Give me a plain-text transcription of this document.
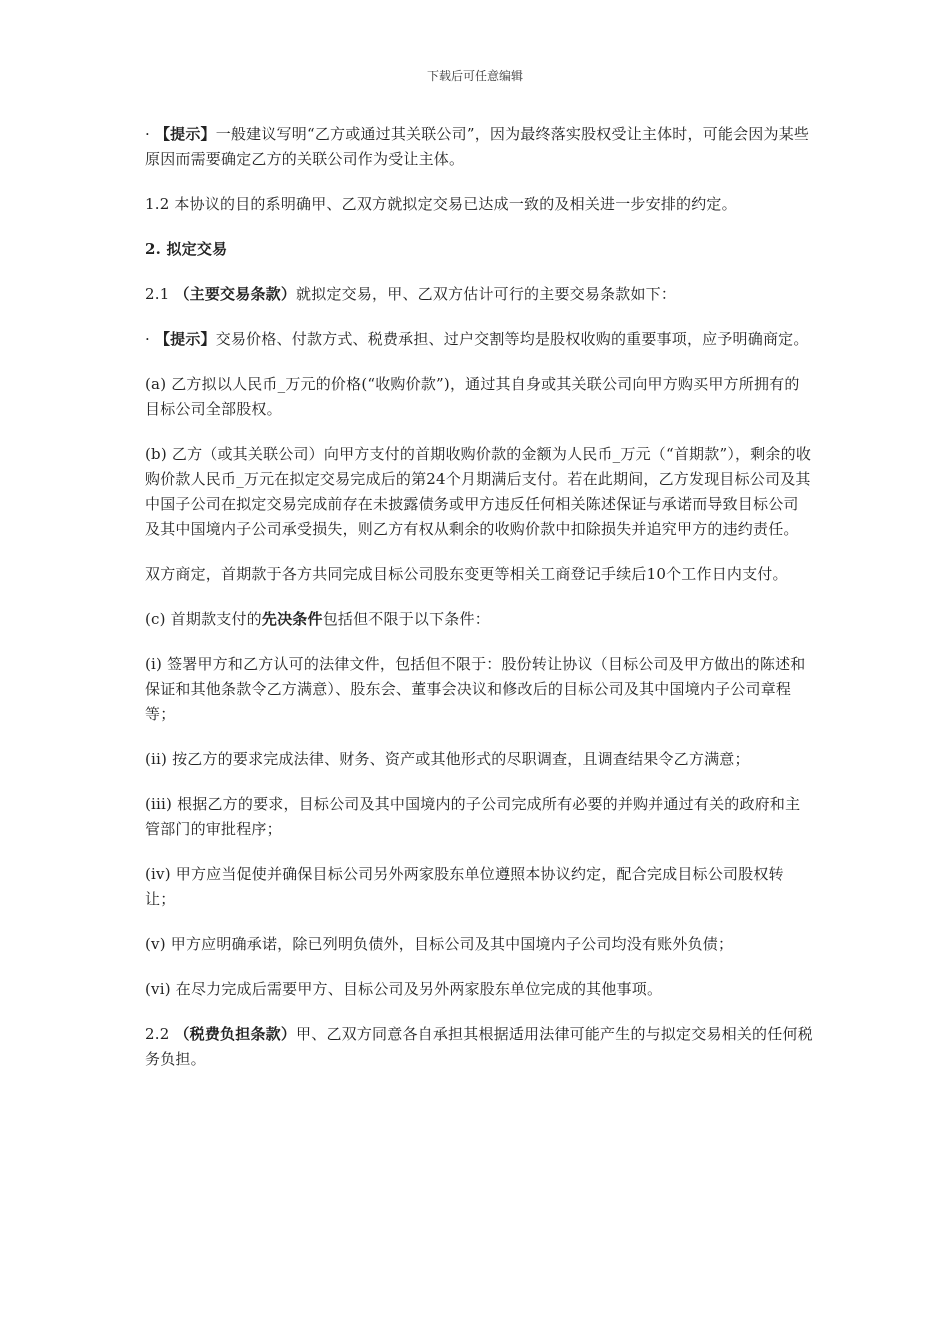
下载后可任意编辑

· 【提示】一般建议写明“乙方或通过其关联公司”，因为最终落实股权受让主体时，可能会因为某些原因而需要确定乙方的关联公司作为受让主体。

1.2 本协议的目的系明确甲、乙双方就拟定交易已达成一致的及相关进一步安排的约定。

2. 拟定交易

2.1 （主要交易条款）就拟定交易，甲、乙双方估计可行的主要交易条款如下：

· 【提示】交易价格、付款方式、税费承担、过户交割等均是股权收购的重要事项，应予明确商定。

(a) 乙方拟以人民币_万元的价格(“收购价款”)，通过其自身或其关联公司向甲方购买甲方所拥有的目标公司全部股权。

(b) 乙方（或其关联公司）向甲方支付的首期收购价款的金额为人民币_万元（“首期款”），剩余的收购价款人民币_万元在拟定交易完成后的第24个月期满后支付。若在此期间，乙方发现目标公司及其中国子公司在拟定交易完成前存在未披露债务或甲方违反任何相关陈述保证与承诺而导致目标公司及其中国境内子公司承受损失，则乙方有权从剩余的收购价款中扣除损失并追究甲方的违约责任。

双方商定，首期款于各方共同完成目标公司股东变更等相关工商登记手续后10个工作日内支付。

(c) 首期款支付的先决条件包括但不限于以下条件：

(i) 签署甲方和乙方认可的法律文件，包括但不限于：股份转让协议（目标公司及甲方做出的陈述和保证和其他条款令乙方满意）、股东会、董事会决议和修改后的目标公司及其中国境内子公司章程等；

(ii) 按乙方的要求完成法律、财务、资产或其他形式的尽职调查，且调查结果令乙方满意；

(iii) 根据乙方的要求，目标公司及其中国境内的子公司完成所有必要的并购并通过有关的政府和主管部门的审批程序；

(iv) 甲方应当促使并确保目标公司另外两家股东单位遵照本协议约定，配合完成目标公司股权转让；

(v) 甲方应明确承诺，除已列明负债外，目标公司及其中国境内子公司均没有账外负债；

(vi) 在尽力完成后需要甲方、目标公司及另外两家股东单位完成的其他事项。

2.2 （税费负担条款）甲、乙双方同意各自承担其根据适用法律可能产生的与拟定交易相关的任何税务负担。
